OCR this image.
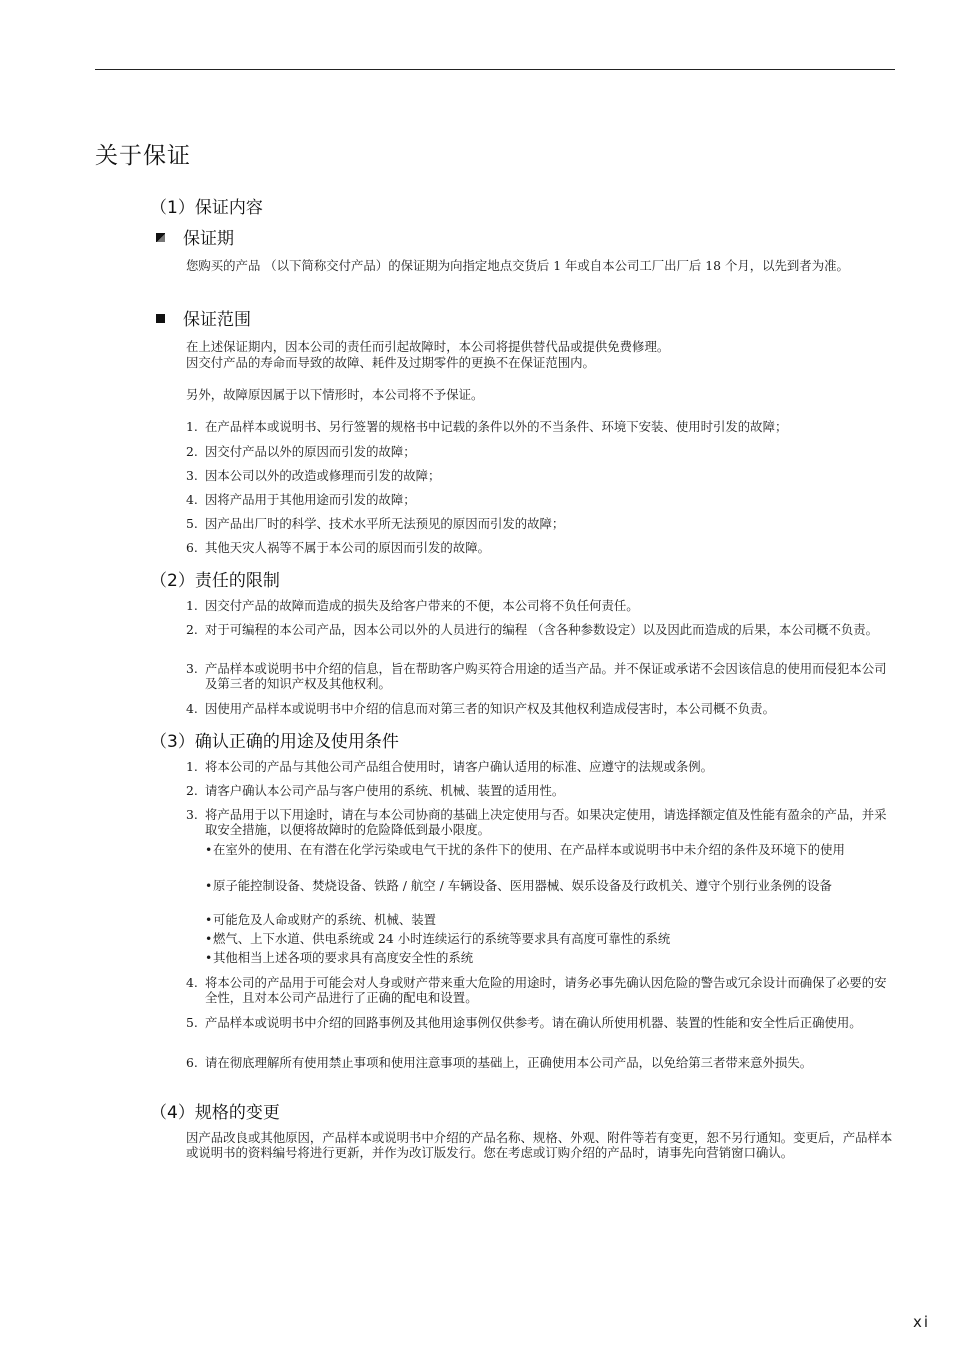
关于保证
（1）保证内容
保证期

您购买的产品 （以下简称交付产品）的保证期为向指定地点交货后 1 年或自本公司工厂出厂后 18 个月，以先到者为准。

保证范围

在上述保证期内，因本公司的责任而引起故障时，本公司将提供替代品或提供免费修理。

因交付产品的寿命而导致的故障、耗件及过期零件的更换不在保证范围内。

另外，故障原因属于以下情形时，本公司将不予保证。

1. 在产品样本或说明书、另行签署的规格书中记载的条件以外的不当条件、环境下安装、使用时引发的故障；
2. 因交付产品以外的原因而引发的故障；
3. 因本公司以外的改造或修理而引发的故障；
4. 因将产品用于其他用途而引发的故障；
5. 因产品出厂时的科学、技术水平所无法预见的原因而引发的故障；
6. 其他天灾人祸等不属于本公司的原因而引发的故障。
（2）责任的限制
1. 因交付产品的故障而造成的损失及给客户带来的不便，本公司将不负任何责任。
2. 对于可编程的本公司产品，因本公司以外的人员进行的编程 （含各种参数设定）以及因此而造成的后果，本公司概不负责。
3. 产品样本或说明书中介绍的信息，旨在帮助客户购买符合用途的适当产品。并不保证或承诺不会因该信息的使用而侵犯本公司及第三者的知识产权及其他权利。
4. 因使用产品样本或说明书中介绍的信息而对第三者的知识产权及其他权利造成侵害时，本公司概不负责。
（3）确认正确的用途及使用条件
1. 将本公司的产品与其他公司产品组合使用时，请客户确认适用的标准、应遵守的法规或条例。
2. 请客户确认本公司产品与客户使用的系统、机械、装置的适用性。
3. 将产品用于以下用途时，请在与本公司协商的基础上决定使用与否。如果决定使用，请选择额定值及性能有盈余的产品，并采取安全措施，以便将故障时的危险降低到最小限度。
• 在室外的使用、在有潜在化学污染或电气干扰的条件下的使用、在产品样本或说明书中未介绍的条件及环境下的使用
• 原子能控制设备、焚烧设备、铁路 / 航空 / 车辆设备、医用器械、娱乐设备及行政机关、遵守个别行业条例的设备
• 可能危及人命或财产的系统、机械、装置
• 燃气、上下水道、供电系统或 24 小时连续运行的系统等要求具有高度可靠性的系统
• 其他相当上述各项的要求具有高度安全性的系统
4. 将本公司的产品用于可能会对人身或财产带来重大危险的用途时，请务必事先确认因危险的警告或冗余设计而确保了必要的安全性，且对本公司产品进行了正确的配电和设置。
5. 产品样本或说明书中介绍的回路事例及其他用途事例仅供参考。请在确认所使用机器、装置的性能和安全性后正确使用。
6. 请在彻底理解所有使用禁止事项和使用注意事项的基础上，正确使用本公司产品，以免给第三者带来意外损失。
（4）规格的变更

因产品改良或其他原因，产品样本或说明书中介绍的产品名称、规格、外观、附件等若有变更，恕不另行通知。变更后，产品样本或说明书的资料编号将进行更新，并作为改订版发行。您在考虑或订购介绍的产品时，请事先向营销窗口确认。

xi
